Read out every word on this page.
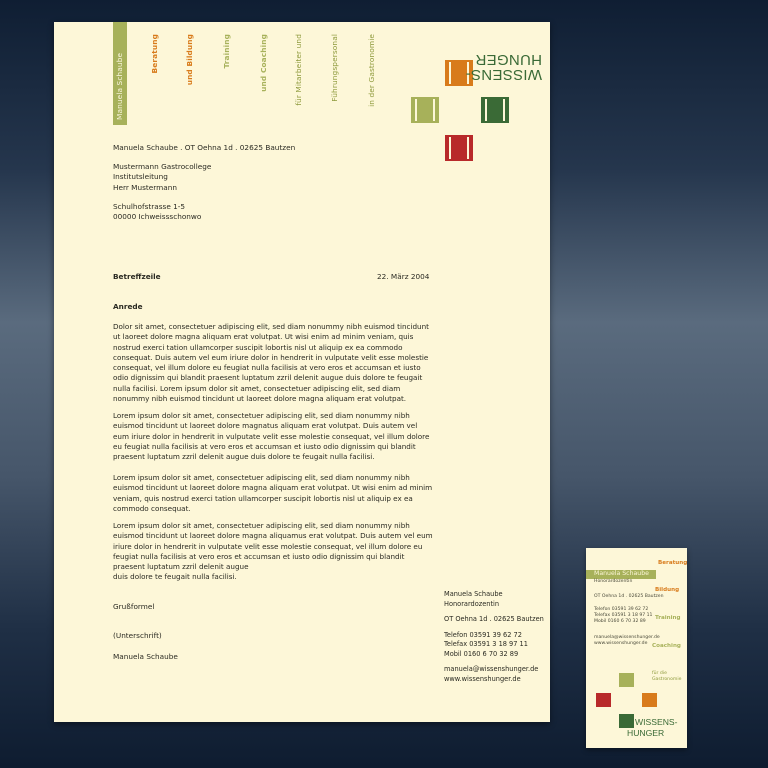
Manuela Schaube	Beratung	und Bildung	Training	und Coaching	für Mitarbeiter und	Führungspersonal	in der Gastronomie	WISSENS-
HUNGER
Manuela Schaube . OT Oehna 1d . 02625 Bautzen
Mustermann Gastrocollege
Institutsleitung
Herr Mustermann
Schulhofstrasse 1-5
00000 Ichweissschonwo
Betreffzeile	22. März 2004
Anrede
Dolor sit amet, consectetuer adipiscing elit, sed diam nonummy nibh euismod tincidunt ut laoreet dolore magna aliquam erat volutpat. Ut wisi enim ad minim veniam, quis nostrud exerci tation ullamcorper suscipit lobortis nisl ut aliquip ex ea commodo consequat. Duis autem vel eum iriure dolor in hendrerit in vulputate velit esse molestie consequat, vel illum dolore eu feugiat nulla facilisis at vero eros et accumsan et iusto odio dignissim qui blandit praesent luptatum zzril delenit augue duis dolore te feugait nulla facilisi. Lorem ipsum dolor sit amet, consectetuer adipiscing elit, sed diam nonummy nibh euismod tincidunt ut laoreet dolore magna aliquam erat volutpat.
Lorem ipsum dolor sit amet, consectetuer adipiscing elit, sed diam nonummy nibh euismod tincidunt ut laoreet dolore magnatus aliquam erat volutpat. Duis autem vel eum iriure dolor in hendrerit in vulputate velit esse molestie consequat, vel illum dolore eu feugiat nulla facilisis at vero eros et accumsan et iusto odio dignissim qui blandit praesent luptatum zzril delenit augue duis dolore te feugait nulla facilisi.
Lorem ipsum dolor sit amet, consectetuer adipiscing elit, sed diam nonummy nibh euismod tincidunt ut laoreet dolore magna aliquam erat volutpat. Ut wisi enim ad minim veniam, quis nostrud exerci tation ullamcorper suscipit lobortis nisl ut aliquip ex ea commodo consequat.
Lorem ipsum dolor sit amet, consectetuer adipiscing elit, sed diam nonummy nibh euismod tincidunt ut laoreet dolore magna aliquamus erat volutpat. Duis autem vel eum iriure dolor in hendrerit in vulputate velit esse molestie consequat, vel illum dolore eu feugiat nulla facilisis at vero eros et accumsan et iusto odio dignissim qui blandit praesent luptatum zzril delenit augue
duis dolore te feugait nulla facilisi.
Grußformel
(Unterschrift)
Manuela Schaube
Manuela Schaube
Honorardozentin
OT Oehna 1d . 02625 Bautzen
Telefon 03591 39 62 72
Telefax 03591 3 18 97 11
Mobil 0160 6 70 32 89
manuela@wissenshunger.de
www.wissenshunger.de
Beratung
Manuela Schaube
Honorardozentin
Bildung
OT Oehna 1d . 02625 Bautzen
Telefon 03591 39 62 72
Telefax 03591 3 18 97 11
Mobil 0160 6 70 32 89
Training
manuela@wissenshunger.de
www.wissenshunger.de Coaching
für die Gastronomie
WISSENS-
HUNGER
